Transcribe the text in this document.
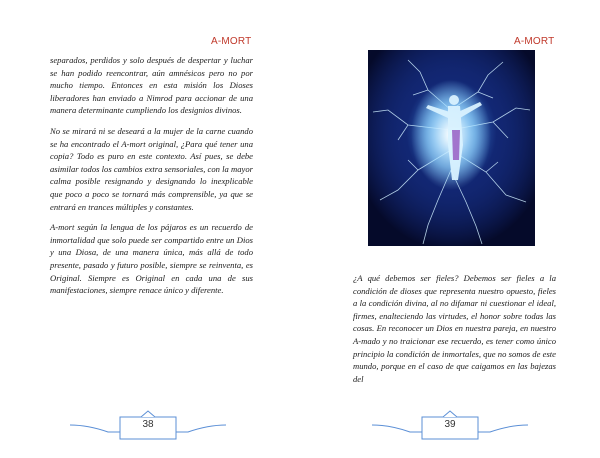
A-MORT

separados, perdidos y solo después de despertar y luchar se han podido reencontrar, aún amnésicos pero no por mucho tiempo. Entonces en esta misión los Dioses liberadores han enviado a Nimrod para accionar de una manera determinante cumpliendo los designios divinos.

No se mirará ni se deseará a la mujer de la carne cuando se ha encontrado el A-mort original, ¿Para qué tener una copia? Todo es puro en este contexto. Así pues, se debe asimilar todos los cambios extra sensoriales, con la mayor calma posible resignando y designando lo inexplicable que poco a poco se tornará más comprensible, ya que se entrará en trances múltiples y constantes.

A-mort según la lengua de los pájaros es un recuerdo de inmortalidad que solo puede ser compartido entre un Dios y una Diosa, de una manera única, más allá de todo presente, pasado y futuro posible, siempre se reinventa, es Original. Siempre es Original en cada una de sus manifestaciones, siempre renace único y diferente.

38
A-MORT

¿A qué debemos ser fieles? Debemos ser fieles a la condición de dioses que representa nuestro opuesto, fieles a la condición divina, al no difamar ni cuestionar el ideal, firmes, enalteciendo las virtudes, el honor sobre todas las cosas. En reconocer un Dios en nuestra pareja, en nuestro A-mado y no traicionar ese recuerdo, es tener como único principio la condición de inmortales, que no somos de este mundo, porque en el caso de que caigamos en las bajezas del

39
